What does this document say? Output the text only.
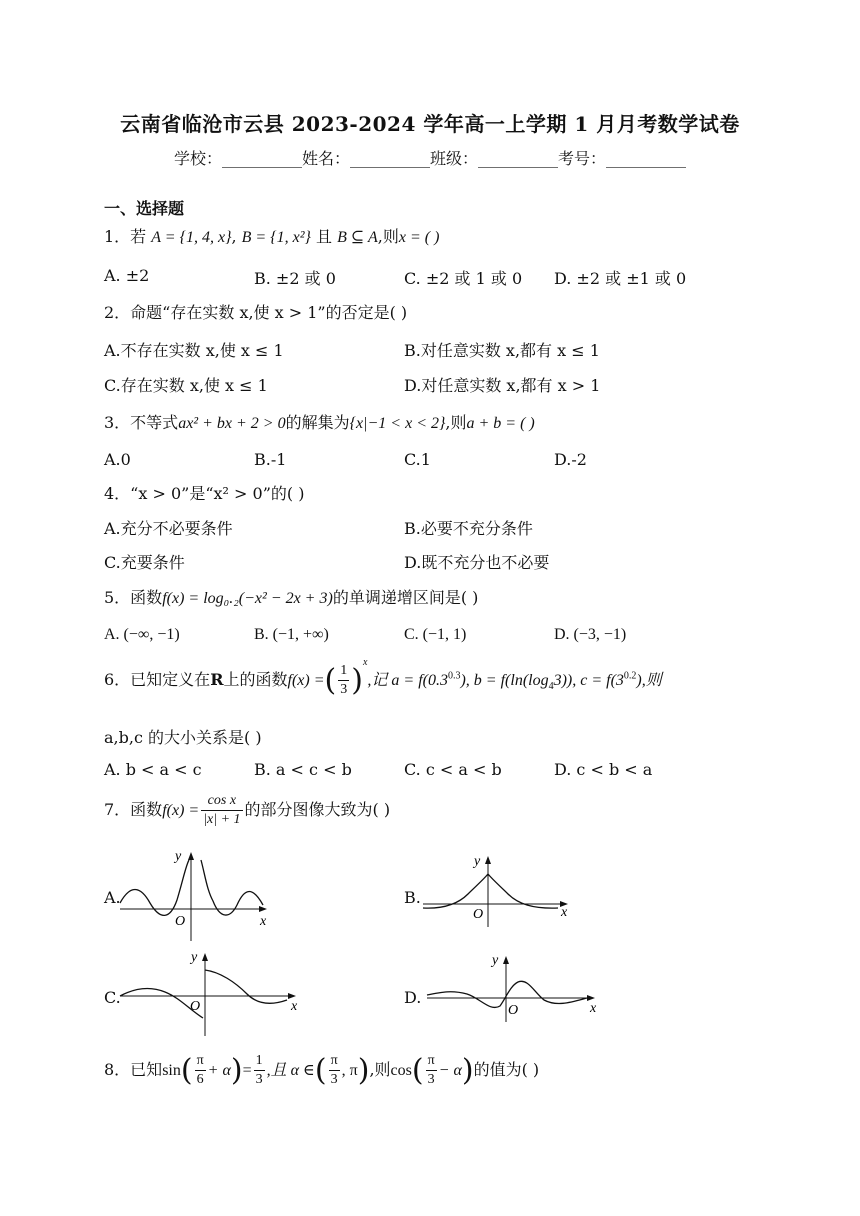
云南省临沧市云县 2023-2024 学年高一上学期 1 月月考数学试卷
学校：__________姓名：__________班级：__________考号：__________
一、选择题
1．若 A = {1, 4, x}, B = {1, x²} 且 B ⊆ A,则x = ( )
A. ±2	B. ±2 或 0	C. ±2 或 1 或 0 D. ±2 或 ±1 或 0
2．命题“存在实数 x,使 x > 1”的否定是( )
A.不存在实数 x,使 x ≤ 1	B.对任意实数 x,都有 x ≤ 1
C.存在实数 x,使 x ≤ 1	D.对任意实数 x,都有 x > 1
3．不等式ax² + bx + 2 > 0的解集为{x|−1 < x < 2},则a + b = ( )
A.0	B.-1	C.1	D.-2
4．“x > 0”是“x² > 0”的( )
A.充分不必要条件	B.必要不充分条件
C.充要条件	D.既不充分也不必要
5．函数f(x) = log₀.₂(−x² − 2x + 3)的单调递增区间是( )
A. (−∞, −1)	B. (−1, +∞)	C. (−1, 1)	D. (−3, −1)
6．已知定义在R上的函数f(x) =( $\frac{1}{3} )^x$,记 $a = f(0.3^{0.3})$, $b = f(\ln(\log_43))$, $c = f(3^{0.2})$,则
a,b,c 的大小关系是( )
A. b < a < c	B. a < c < b	C. c < a < b	D. c < b < a
7．函数$f(x) = \frac{\text{cos x}}{|x| + 1}$ 的部分图像大致为( )
A.
y
x
O
B.
y
x
O
C.
y
x
O	D.
y
x
O
8．已知$\sin( \frac{\pi}{6} + \alpha)= \frac{1}{3}$ ,且 α ∈( $\frac{\pi}{3}$ , π),则$\cos( \frac{\pi}{3} - \alpha)$的值为( )
